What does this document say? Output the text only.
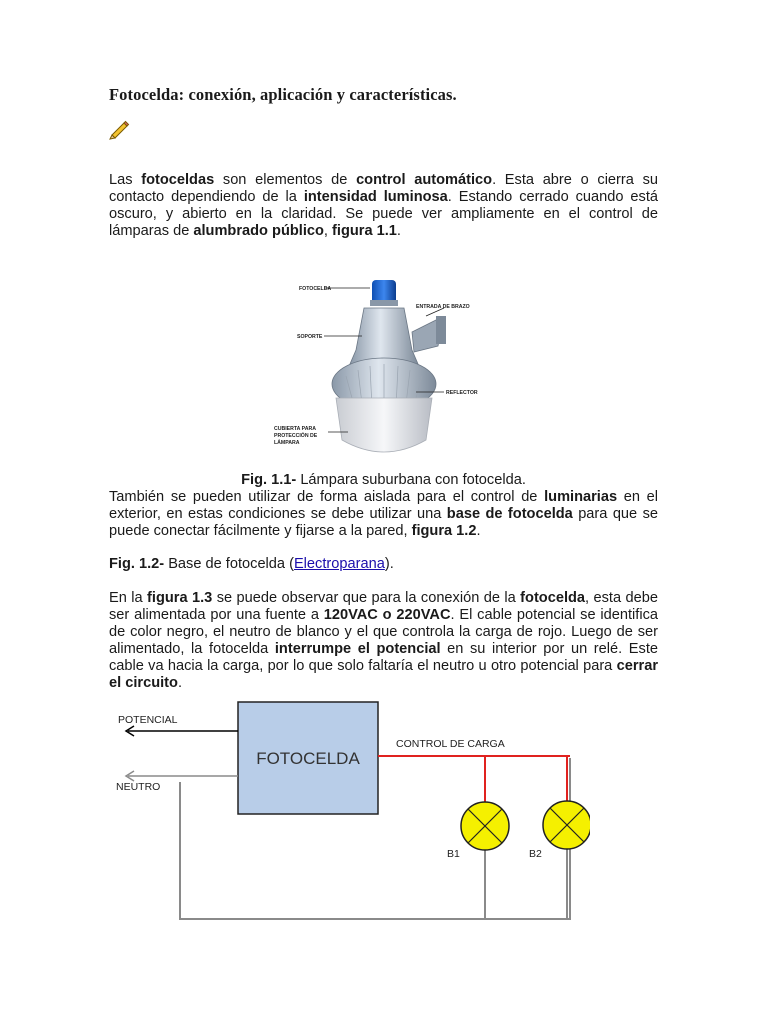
Fotocelda: conexión, aplicación y características.

Las fotoceldas son elementos de control automático. Esta abre o cierra su contacto dependiendo de la intensidad luminosa. Estando cerrado cuando está oscuro, y abierto en la claridad. Se puede ver ampliamente en el control de lámparas de alumbrado público, figura 1.1.

FOTOCELDA
ENTRADA DE BRAZO
SOPORTE
REFLECTOR
CUBIERTA PARA
PROTECCIÓN DE
LÁMPARA

Fig. 1.1- Lámpara suburbana con fotocelda.

También se pueden utilizar de forma aislada para el control de luminarias en el exterior, en estas condiciones se debe utilizar una base de fotocelda para que se puede conectar fácilmente y fijarse a la pared, figura 1.2.

Fig. 1.2- Base de fotocelda (Electroparana).

En la figura 1.3 se puede observar que para la conexión de la fotocelda, esta debe ser alimentada por una fuente a 120VAC o 220VAC. El cable potencial se identifica de color negro, el neutro de blanco y el que controla la carga de rojo. Luego de ser alimentado, la fotocelda interrumpe el potencial en su interior por un relé. Este cable va hacia la carga, por lo que solo faltaría el neutro u otro potencial para cerrar el circuito.

FOTOCELDA
POTENCIAL
NEUTRO
CONTROL DE CARGA
B1	B2
